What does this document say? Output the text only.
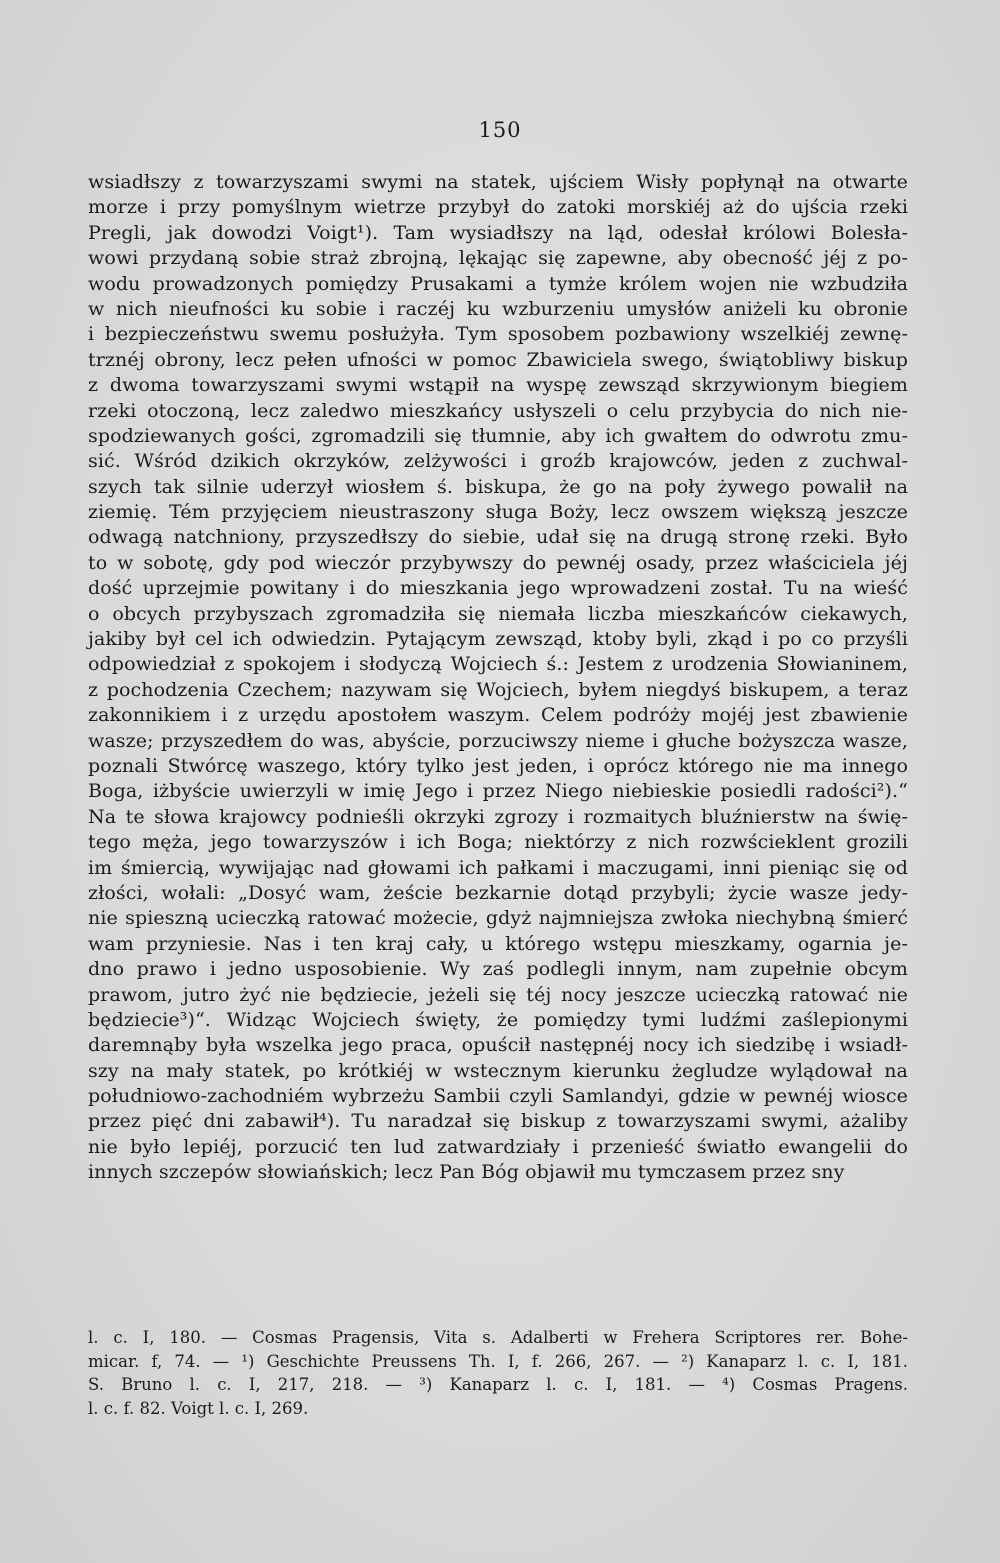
150
wsiadłszy z towarzyszami swymi na statek, ujściem Wisły popłynął na otwarte
morze i przy pomyślnym wietrze przybył do zatoki morskiéj aż do ujścia rzeki
Pregli, jak dowodzi Voigt¹). Tam wysiadłszy na ląd, odesłał królowi Bolesła-
wowi przydaną sobie straż zbrojną, lękając się zapewne, aby obecność jéj z po-
wodu prowadzonych pomiędzy Prusakami a tymże królem wojen nie wzbudziła
w nich nieufności ku sobie i raczéj ku wzburzeniu umysłów aniżeli ku obronie
i bezpieczeństwu swemu posłużyła. Tym sposobem pozbawiony wszelkiéj zewnę-
trznéj obrony, lecz pełen ufności w pomoc Zbawiciela swego, świątobliwy biskup
z dwoma towarzyszami swymi wstąpił na wyspę zewsząd skrzywionym biegiem
rzeki otoczoną, lecz zaledwo mieszkańcy usłyszeli o celu przybycia do nich nie-
spodziewanych gości, zgromadzili się tłumnie, aby ich gwałtem do odwrotu zmu-
sić. Wśród dzikich okrzyków, zelżywości i groźb krajowców, jeden z zuchwal-
szych tak silnie uderzył wiosłem ś. biskupa, że go na poły żywego powalił na
ziemię. Tém przyjęciem nieustraszony sługa Boży, lecz owszem większą jeszcze
odwagą natchniony, przyszedłszy do siebie, udał się na drugą stronę rzeki. Było
to w sobotę, gdy pod wieczór przybywszy do pewnéj osady, przez właściciela jéj
dość uprzejmie powitany i do mieszkania jego wprowadzeni został. Tu na wieść
o obcych przybyszach zgromadziła się niemała liczba mieszkańców ciekawych,
jakiby był cel ich odwiedzin. Pytającym zewsząd, ktoby byli, zkąd i po co przyśli
odpowiedział z spokojem i słodyczą Wojciech ś.: Jestem z urodzenia Słowianinem,
z pochodzenia Czechem; nazywam się Wojciech, byłem niegdyś biskupem, a teraz
zakonnikiem i z urzędu apostołem waszym. Celem podróży mojéj jest zbawienie
wasze; przyszedłem do was, abyście, porzuciwszy nieme i głuche bożyszcza wasze,
poznali Stwórcę waszego, który tylko jest jeden, i oprócz którego nie ma innego
Boga, iżbyście uwierzyli w imię Jego i przez Niego niebieskie posiedli radości²).“
Na te słowa krajowcy podnieśli okrzyki zgrozy i rozmaitych bluźnierstw na świę-
tego męża, jego towarzyszów i ich Boga; niektórzy z nich rozwścieklent grozili
im śmiercią, wywijając nad głowami ich pałkami i maczugami, inni pieniąc się od
złości, wołali: „Dosyć wam, żeście bezkarnie dotąd przybyli; życie wasze jedy-
nie spieszną ucieczką ratować możecie, gdyż najmniejsza zwłoka niechybną śmierć
wam przyniesie. Nas i ten kraj cały, u którego wstępu mieszkamy, ogarnia je-
dno prawo i jedno usposobienie. Wy zaś podlegli innym, nam zupełnie obcym
prawom, jutro żyć nie będziecie, jeżeli się téj nocy jeszcze ucieczką ratować nie
będziecie³)“. Widząc Wojciech święty, że pomiędzy tymi ludźmi zaślepionymi
daremnąby była wszelka jego praca, opuścił następnéj nocy ich siedzibę i wsiadł-
szy na mały statek, po krótkiéj w wstecznym kierunku żegludze wylądował na
południowo-zachodniém wybrzeżu Sambii czyli Samlandyi, gdzie w pewnéj wiosce
przez pięć dni zabawił⁴). Tu naradzał się biskup z towarzyszami swymi, ażaliby
nie było lepiéj, porzucić ten lud zatwardziały i przenieść światło ewangelii do
innych szczepów słowiańskich; lecz Pan Bóg objawił mu tymczasem przez sny
l. c. I, 180. — Cosmas Pragensis, Vita s. Adalberti w Frehera Scriptores rer. Bohe-
micar. f, 74. — ¹) Geschichte Preussens Th. I, f. 266, 267. — ²) Kanaparz l. c. I, 181.
S. Bruno l. c. I, 217, 218. — ³) Kanaparz l. c. I, 181. — ⁴) Cosmas Pragens.
l. c. f. 82. Voigt l. c. I, 269.
